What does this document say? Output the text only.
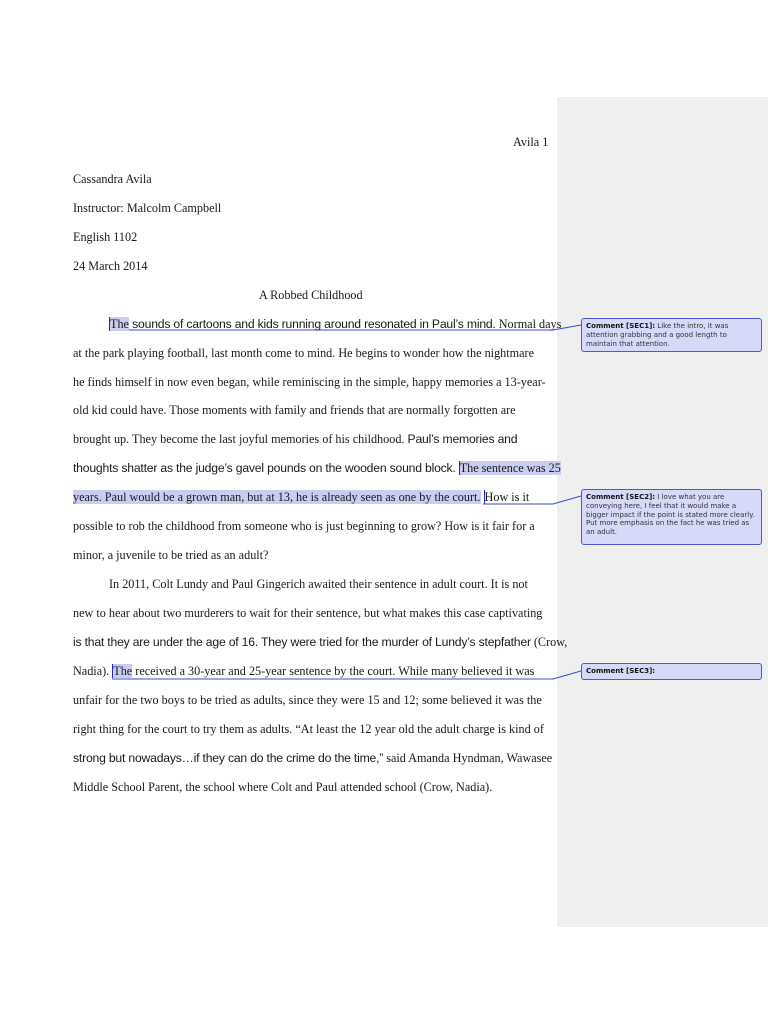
Avila 1
Cassandra Avila
Instructor: Malcolm Campbell
English 1102
24 March 2014
A Robbed Childhood
The sounds of cartoons and kids running around resonated in Paul’s mind. Normal days
at the park playing football, last month come to mind. He begins to wonder how the nightmare
he finds himself in now even began, while reminiscing in the simple, happy memories a 13-year-
old kid could have. Those moments with family and friends that are normally forgotten are
brought up. They become the last joyful memories of his childhood. Paul’s memories and
thoughts shatter as the judge’s gavel pounds on the wooden sound block. The sentence was 25
years. Paul would be a grown man, but at 13, he is already seen as one by the court. How is it
possible to rob the childhood from someone who is just beginning to grow? How is it fair for a
minor, a juvenile to be tried as an adult?
In 2011, Colt Lundy and Paul Gingerich awaited their sentence in adult court. It is not
new to hear about two murderers to wait for their sentence, but what makes this case captivating
is that they are under the age of 16. They were tried for the murder of Lundy’s stepfather (Crow,
Nadia). The received a 30-year and 25-year sentence by the court. While many believed it was
unfair for the two boys to be tried as adults, since they were 15 and 12; some believed it was the
right thing for the court to try them as adults. “At least the 12 year old the adult charge is kind of
strong but nowadays…if they can do the crime do the time,” said Amanda Hyndman, Wawasee
Middle School Parent, the school where Colt and Paul attended school (Crow, Nadia).
Comment [SEC1]: Like the intro, it was attention grabbing and a good length to maintain that attention.
Comment [SEC2]: I love what you are conveying here, I feel that it would make a bigger impact if the point is stated more clearly. Put more emphasis on the fact he was tried as an adult.
Comment [SEC3]:
